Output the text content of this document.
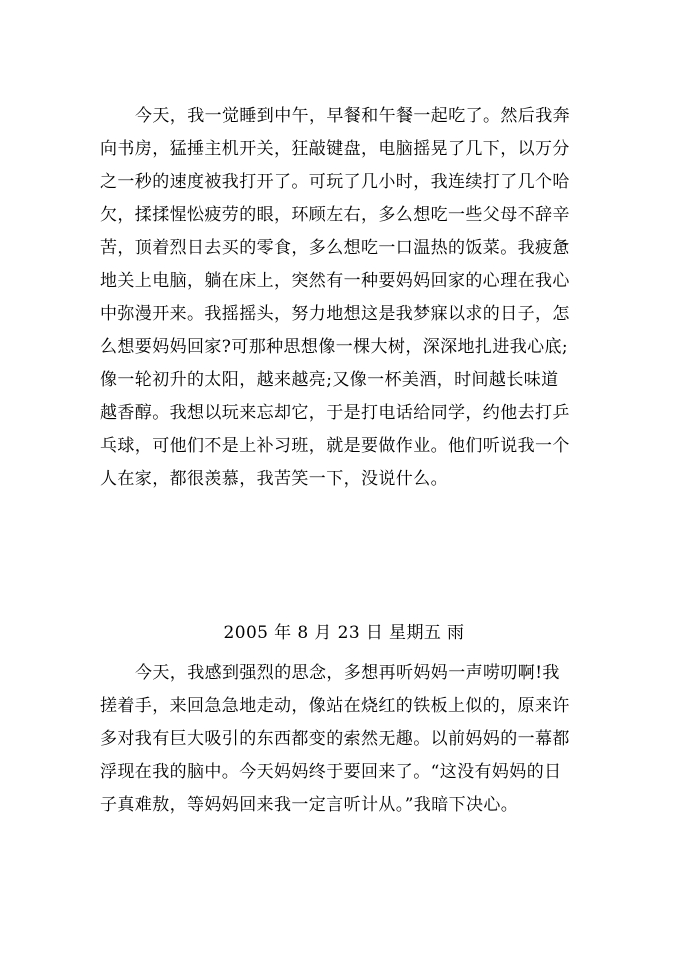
今天，我一觉睡到中午，早餐和午餐一起吃了。然后我奔
向书房，猛捶主机开关，狂敲键盘，电脑摇晃了几下，以万分
之一秒的速度被我打开了。可玩了几小时，我连续打了几个哈
欠，揉揉惺忪疲劳的眼，环顾左右，多么想吃一些父母不辞辛
苦，顶着烈日去买的零食，多么想吃一口温热的饭菜。我疲惫
地关上电脑，躺在床上，突然有一种要妈妈回家的心理在我心
中弥漫开来。我摇摇头，努力地想这是我梦寐以求的日子，怎
么想要妈妈回家?可那种思想像一棵大树，深深地扎进我心底;
像一轮初升的太阳，越来越亮;又像一杯美酒，时间越长味道
越香醇。我想以玩来忘却它，于是打电话给同学，约他去打乒
乓球，可他们不是上补习班，就是要做作业。他们听说我一个
人在家，都很羡慕，我苦笑一下，没说什么。
2005 年 8 月 23 日 星期五 雨
今天，我感到强烈的思念，多想再听妈妈一声唠叨啊!我
搓着手，来回急急地走动，像站在烧红的铁板上似的，原来许
多对我有巨大吸引的东西都变的索然无趣。以前妈妈的一幕都
浮现在我的脑中。今天妈妈终于要回来了。“这没有妈妈的日
子真难敖，等妈妈回来我一定言听计从。”我暗下决心。
